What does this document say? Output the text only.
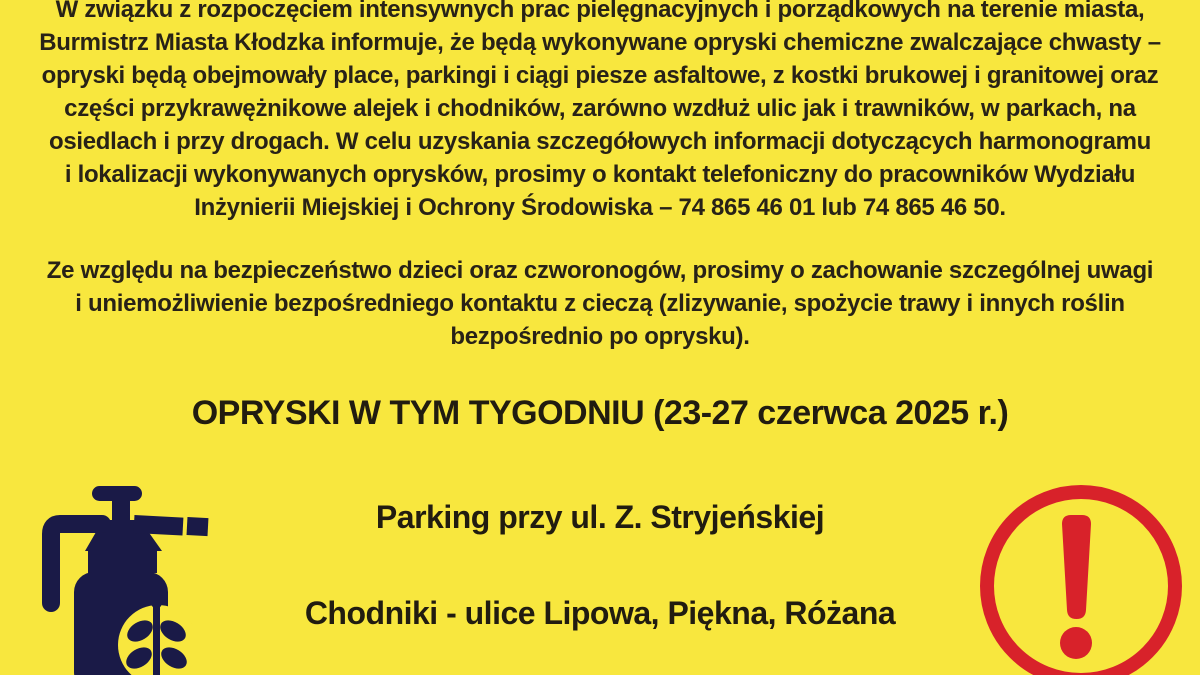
W związku z rozpoczęciem intensywnych prac pielęgnacyjnych i porządkowych na terenie miasta,
Burmistrz Miasta Kłodzka informuje, że będą wykonywane opryski chemiczne zwalczające chwasty –
opryski będą obejmowały place, parkingi i ciągi piesze asfaltowe, z kostki brukowej i granitowej oraz
części przykrawężnikowe alejek i chodników, zarówno wzdłuż ulic jak i trawników, w parkach, na
osiedlach i przy drogach. W celu uzyskania szczegółowych informacji dotyczących harmonogramu
i lokalizacji wykonywanych oprysków, prosimy o kontakt telefoniczny do pracowników Wydziału
Inżynierii Miejskiej i Ochrony Środowiska – 74 865 46 01 lub 74 865 46 50.
Ze względu na bezpieczeństwo dzieci oraz czworonogów, prosimy o zachowanie szczególnej uwagi
i uniemożliwienie bezpośredniego kontaktu z cieczą (zlizywanie, spożycie trawy i innych roślin
bezpośrednio po oprysku).
OPRYSKI W TYM TYGODNIU (23-27 czerwca 2025 r.)
Parking przy ul. Z. Stryjeńskiej
Chodniki - ulice Lipowa, Piękna, Różana
